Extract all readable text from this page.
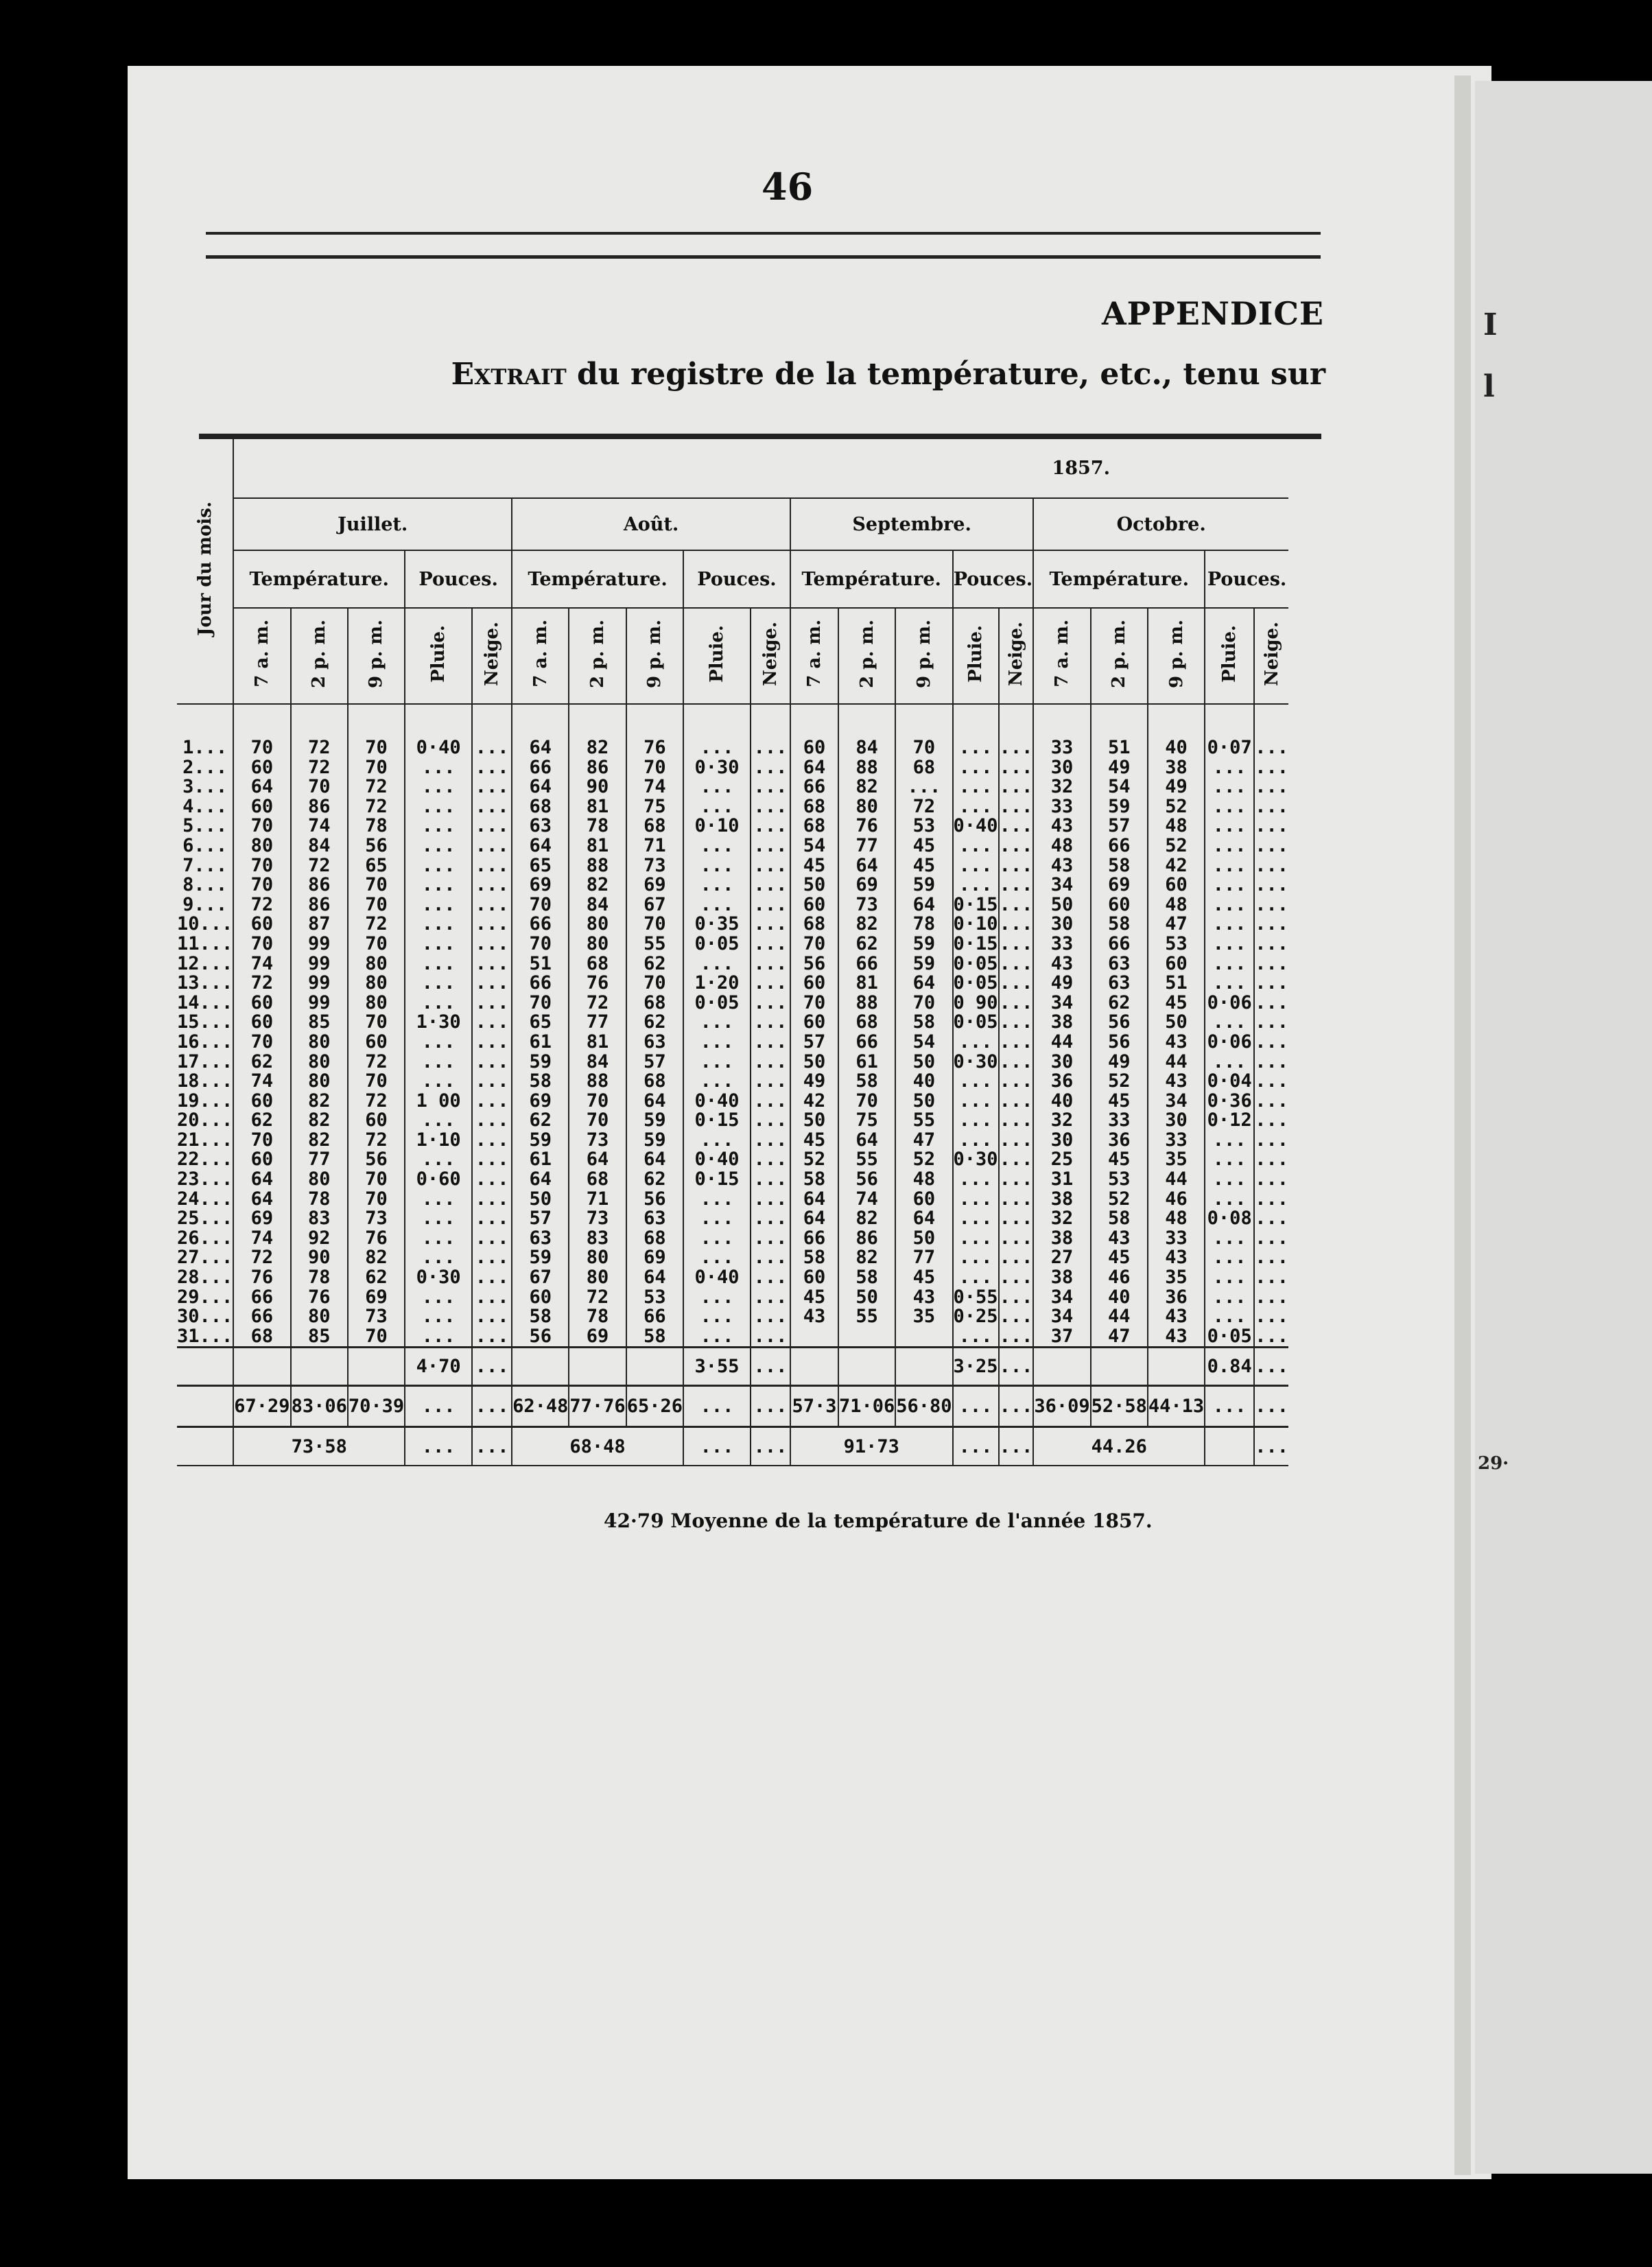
I
l
29·
46
APPENDICE
Extrait du registre de la température, etc., tenu sur
Jour du mois.	1857.																			
	Juillet.					Août.					Septembre.					Octobre.				
	Température.			Pouces.		Température.			Pouces.		Température.			Pouces.		Température.			Pouces.	
	7 a. m.	2 p. m.	9 p. m.	Pluie.	Neige.	7 a. m.	2 p. m.	9 p. m.	Pluie.	Neige.	7 a. m.	2 p. m.	9 p. m.	Pluie.	Neige.	7 a. m.	2 p. m.	9 p. m.	Pluie.	Neige.

1...	70	72	70	0·40	...	64	82	76	...	...	60	84	70	...	...	33	51	40	0·07	...
2...	60	72	70	...	...	66	86	70	0·30	...	64	88	68	...	...	30	49	38	...	...
3...	64	70	72	...	...	64	90	74	...	...	66	82	...	...	...	32	54	49	...	...
4...	60	86	72	...	...	68	81	75	...	...	68	80	72	...	...	33	59	52	...	...
5...	70	74	78	...	...	63	78	68	0·10	...	68	76	53	0·40	...	43	57	48	...	...
6...	80	84	56	...	...	64	81	71	...	...	54	77	45	...	...	48	66	52	...	...
7...	70	72	65	...	...	65	88	73	...	...	45	64	45	...	...	43	58	42	...	...
8...	70	86	70	...	...	69	82	69	...	...	50	69	59	...	...	34	69	60	...	...
9...	72	86	70	...	...	70	84	67	...	...	60	73	64	0·15	...	50	60	48	...	...
10...	60	87	72	...	...	66	80	70	0·35	...	68	82	78	0·10	...	30	58	47	...	...
11...	70	99	70	...	...	70	80	55	0·05	...	70	62	59	0·15	...	33	66	53	...	...
12...	74	99	80	...	...	51	68	62	...	...	56	66	59	0·05	...	43	63	60	...	...
13...	72	99	80	...	...	66	76	70	1·20	...	60	81	64	0·05	...	49	63	51	...	...
14...	60	99	80	...	...	70	72	68	0·05	...	70	88	70	0 90	...	34	62	45	0·06	...
15...	60	85	70	1·30	...	65	77	62	...	...	60	68	58	0·05	...	38	56	50	...	...
16...	70	80	60	...	...	61	81	63	...	...	57	66	54	...	...	44	56	43	0·06	...
17...	62	80	72	...	...	59	84	57	...	...	50	61	50	0·30	...	30	49	44	...	...
18...	74	80	70	...	...	58	88	68	...	...	49	58	40	...	...	36	52	43	0·04	...
19...	60	82	72	1 00	...	69	70	64	0·40	...	42	70	50	...	...	40	45	34	0·36	...
20...	62	82	60	...	...	62	70	59	0·15	...	50	75	55	...	...	32	33	30	0·12	...
21...	70	82	72	1·10	...	59	73	59	...	...	45	64	47	...	...	30	36	33	...	...
22...	60	77	56	...	...	61	64	64	0·40	...	52	55	52	0·30	...	25	45	35	...	...
23...	64	80	70	0·60	...	64	68	62	0·15	...	58	56	48	...	...	31	53	44	...	...
24...	64	78	70	...	...	50	71	56	...	...	64	74	60	...	...	38	52	46	...	...
25...	69	83	73	...	...	57	73	63	...	...	64	82	64	...	...	32	58	48	0·08	...
26...	74	92	76	...	...	63	83	68	...	...	66	86	50	...	...	38	43	33	...	...
27...	72	90	82	...	...	59	80	69	...	...	58	82	77	...	...	27	45	43	...	...
28...	76	78	62	0·30	...	67	80	64	0·40	...	60	58	45	...	...	38	46	35	...	...
29...	66	76	69	...	...	60	72	53	...	...	45	50	43	0·55	...	34	40	36	...	...
30...	66	80	73	...	...	58	78	66	...	...	43	55	35	0·25	...	34	44	43	...	...
31...	68	85	70	...	...	56	69	58	...	...				...	...	37	47	43	0·05	...
				4·70	...				3·55	...				3·25	...				0.84	...
	67·29	83·06	70·39	...	...	62·48	77·76	65·26	...	...	57·3	71·06	56·80	...	...	36·09	52·58	44·13	...	...
	73·58			...	...	68·48			...	...	91·73			...	...	44.26				...
42·79 Moyenne de la température de l'année 1857.
